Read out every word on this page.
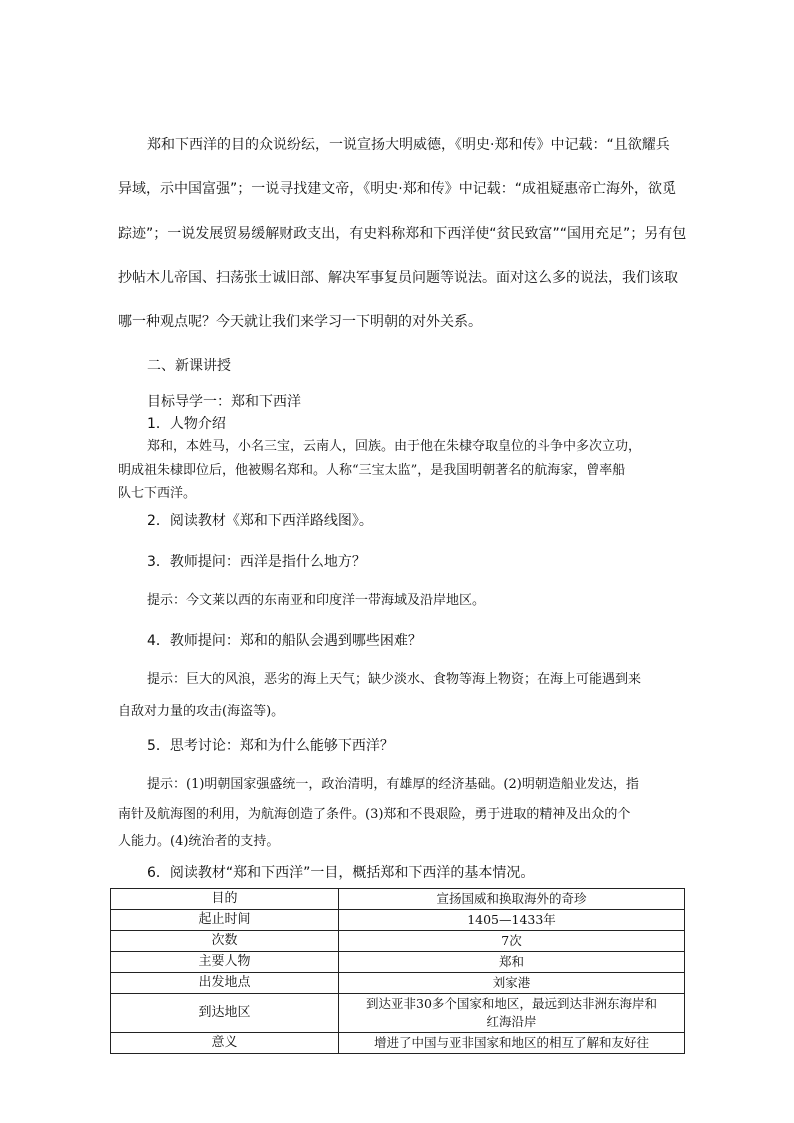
郑和下西洋的目的众说纷纭，一说宣扬大明威德，《明史·郑和传》中记载：“且欲耀兵
异域，示中国富强”；一说寻找建文帝，《明史·郑和传》中记载：“成祖疑惠帝亡海外，欲觅
踪迹”；一说发展贸易缓解财政支出，有史料称郑和下西洋使“贫民致富”“国用充足”；另有包
抄帖木儿帝国、扫荡张士诚旧部、解决军事复员问题等说法。面对这么多的说法，我们该取
哪一种观点呢？今天就让我们来学习一下明朝的对外关系。
二、新课讲授
目标导学一：郑和下西洋
1．人物介绍
郑和，本姓马，小名三宝，云南人，回族。由于他在朱棣夺取皇位的斗争中多次立功，
明成祖朱棣即位后，他被赐名郑和。人称“三宝太监”，是我国明朝著名的航海家，曾率船
队七下西洋。
2．阅读教材《郑和下西洋路线图》。
3．教师提问：西洋是指什么地方？
提示：今文莱以西的东南亚和印度洋一带海域及沿岸地区。
4．教师提问：郑和的船队会遇到哪些困难？
提示：巨大的风浪，恶劣的海上天气；缺少淡水、食物等海上物资；在海上可能遇到来
自敌对力量的攻击(海盗等)。
5．思考讨论：郑和为什么能够下西洋？
提示：(1)明朝国家强盛统一，政治清明，有雄厚的经济基础。(2)明朝造船业发达，指
南针及航海图的利用，为航海创造了条件。(3)郑和不畏艰险，勇于进取的精神及出众的个
人能力。(4)统治者的支持。
6．阅读教材“郑和下西洋”一目，概括郑和下西洋的基本情况。
目的	宣扬国威和换取海外的奇珍
起止时间	1405—1433年
次数	7次
主要人物	郑和
出发地点	刘家港
到达地区	到达亚非30多个国家和地区，最远到达非洲东海岸和
红海沿岸

意义	增进了中国与亚非国家和地区的相互了解和友好往
